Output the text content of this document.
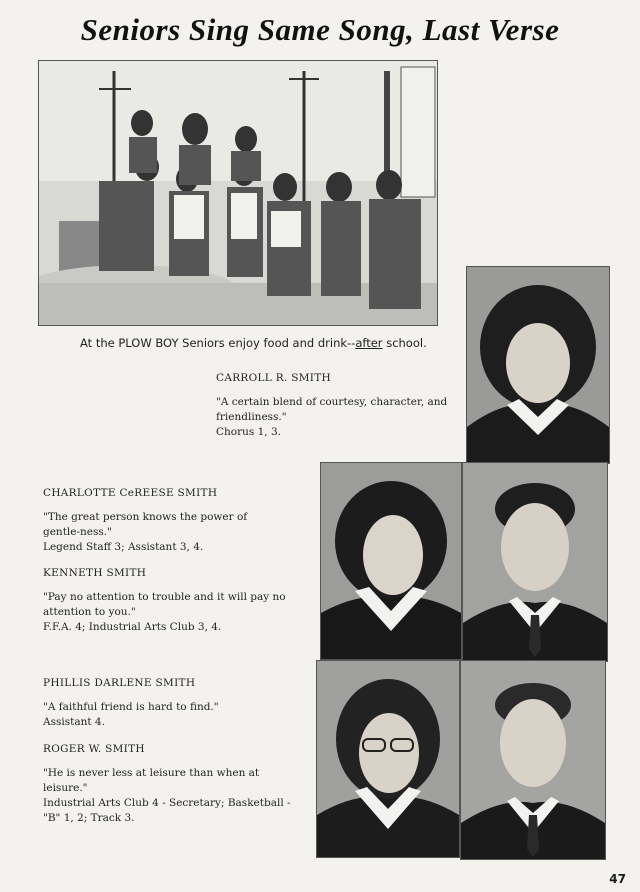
Seniors Sing Same Song, Last Verse
At the PLOW BOY Seniors enjoy food and drink--after school.
CARROLL R. SMITH

"A certain blend of courtesy, character, and friendliness."

Chorus 1, 3.

CHARLOTTE CeREESE SMITH

"The great person knows the power of gentle-ness."

Legend Staff 3; Assistant 3, 4.

KENNETH SMITH

"Pay no attention to trouble and it will pay no attention to you."

F.F.A. 4; Industrial Arts Club 3, 4.

PHILLIS DARLENE SMITH

"A faithful friend is hard to find."

Assistant 4.

ROGER W. SMITH

"He is never less at leisure than when at leisure."

Industrial Arts Club 4 - Secretary; Basketball - "B" 1, 2; Track 3.

47
